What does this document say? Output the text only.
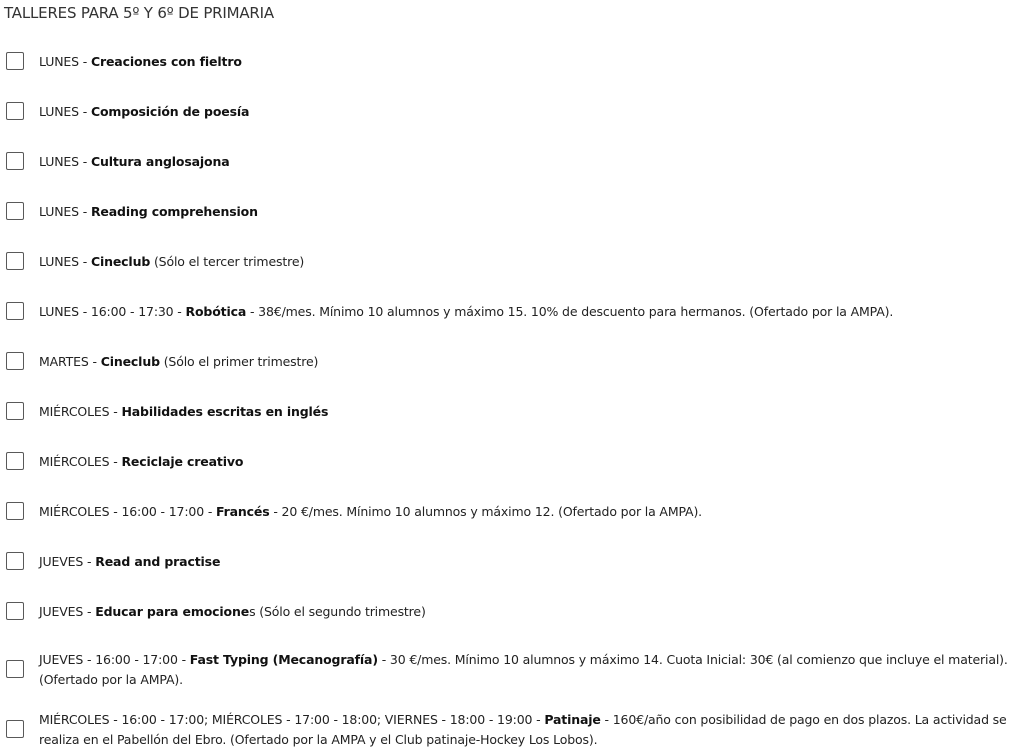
TALLERES PARA 5º Y 6º DE PRIMARIA
LUNES - Creaciones con fieltro
LUNES - Composición de poesía
LUNES - Cultura anglosajona
LUNES - Reading comprehension
LUNES - Cineclub (Sólo el tercer trimestre)
LUNES - 16:00 - 17:30 - Robótica - 38€/mes. Mínimo 10 alumnos y máximo 15. 10% de descuento para hermanos. (Ofertado por la AMPA).
MARTES - Cineclub (Sólo el primer trimestre)
MIÉRCOLES - Habilidades escritas en inglés
MIÉRCOLES - Reciclaje creativo
MIÉRCOLES - 16:00 - 17:00 - Francés - 20 €/mes. Mínimo 10 alumnos y máximo 12. (Ofertado por la AMPA).
JUEVES - Read and practise
JUEVES - Educar para emociones (Sólo el segundo trimestre)
JUEVES - 16:00 - 17:00 - Fast Typing (Mecanografía) - 30 €/mes. Mínimo 10 alumnos y máximo 14. Cuota Inicial: 30€ (al comienzo que incluye el material). (Ofertado por la AMPA).
MIÉRCOLES - 16:00 - 17:00; MIÉRCOLES - 17:00 - 18:00; VIERNES - 18:00 - 19:00 - Patinaje - 160€/año con posibilidad de pago en dos plazos. La actividad se realiza en el Pabellón del Ebro. (Ofertado por la AMPA y el Club patinaje-Hockey Los Lobos).
